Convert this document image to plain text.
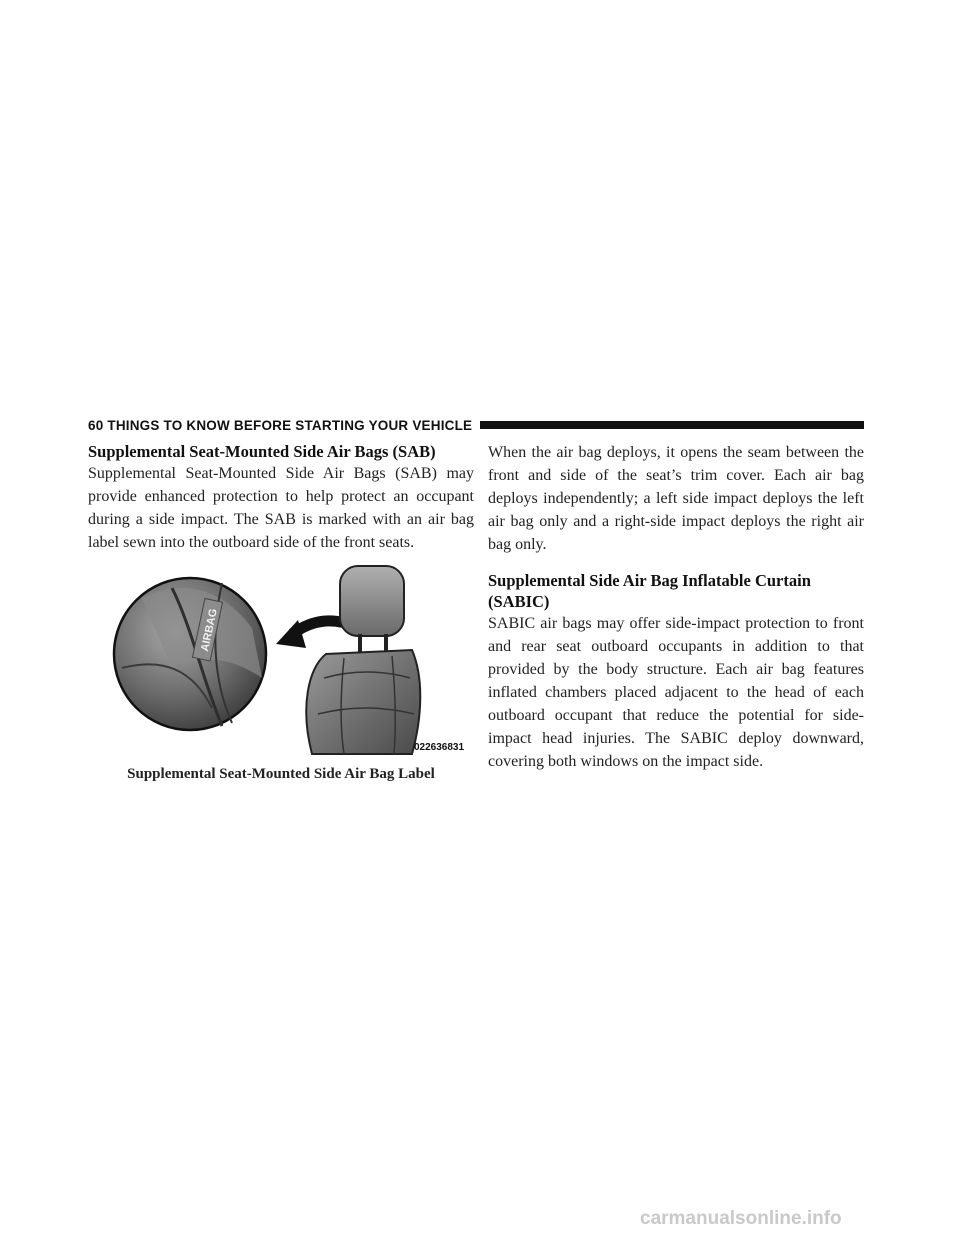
60 THINGS TO KNOW BEFORE STARTING YOUR VEHICLE
Supplemental Seat-Mounted Side Air Bags (SAB)

Supplemental Seat-Mounted Side Air Bags (SAB) may provide enhanced protection to help protect an occupant during a side impact. The SAB is marked with an air bag label sewn into the outboard side of the front seats.

AIRBAG
022636831
Supplemental Seat-Mounted Side Air Bag Label

When the air bag deploys, it opens the seam between the front and side of the seat’s trim cover. Each air bag deploys independently; a left side impact deploys the left air bag only and a right-side impact deploys the right air bag only.

Supplemental Side Air Bag Inflatable Curtain (SABIC)

SABIC air bags may offer side-impact protection to front and rear seat outboard occupants in addition to that provided by the body structure. Each air bag features inflated chambers placed adjacent to the head of each outboard occupant that reduce the potential for side-impact head injuries. The SABIC deploy downward, covering both windows on the impact side.

carmanualsonline.info
